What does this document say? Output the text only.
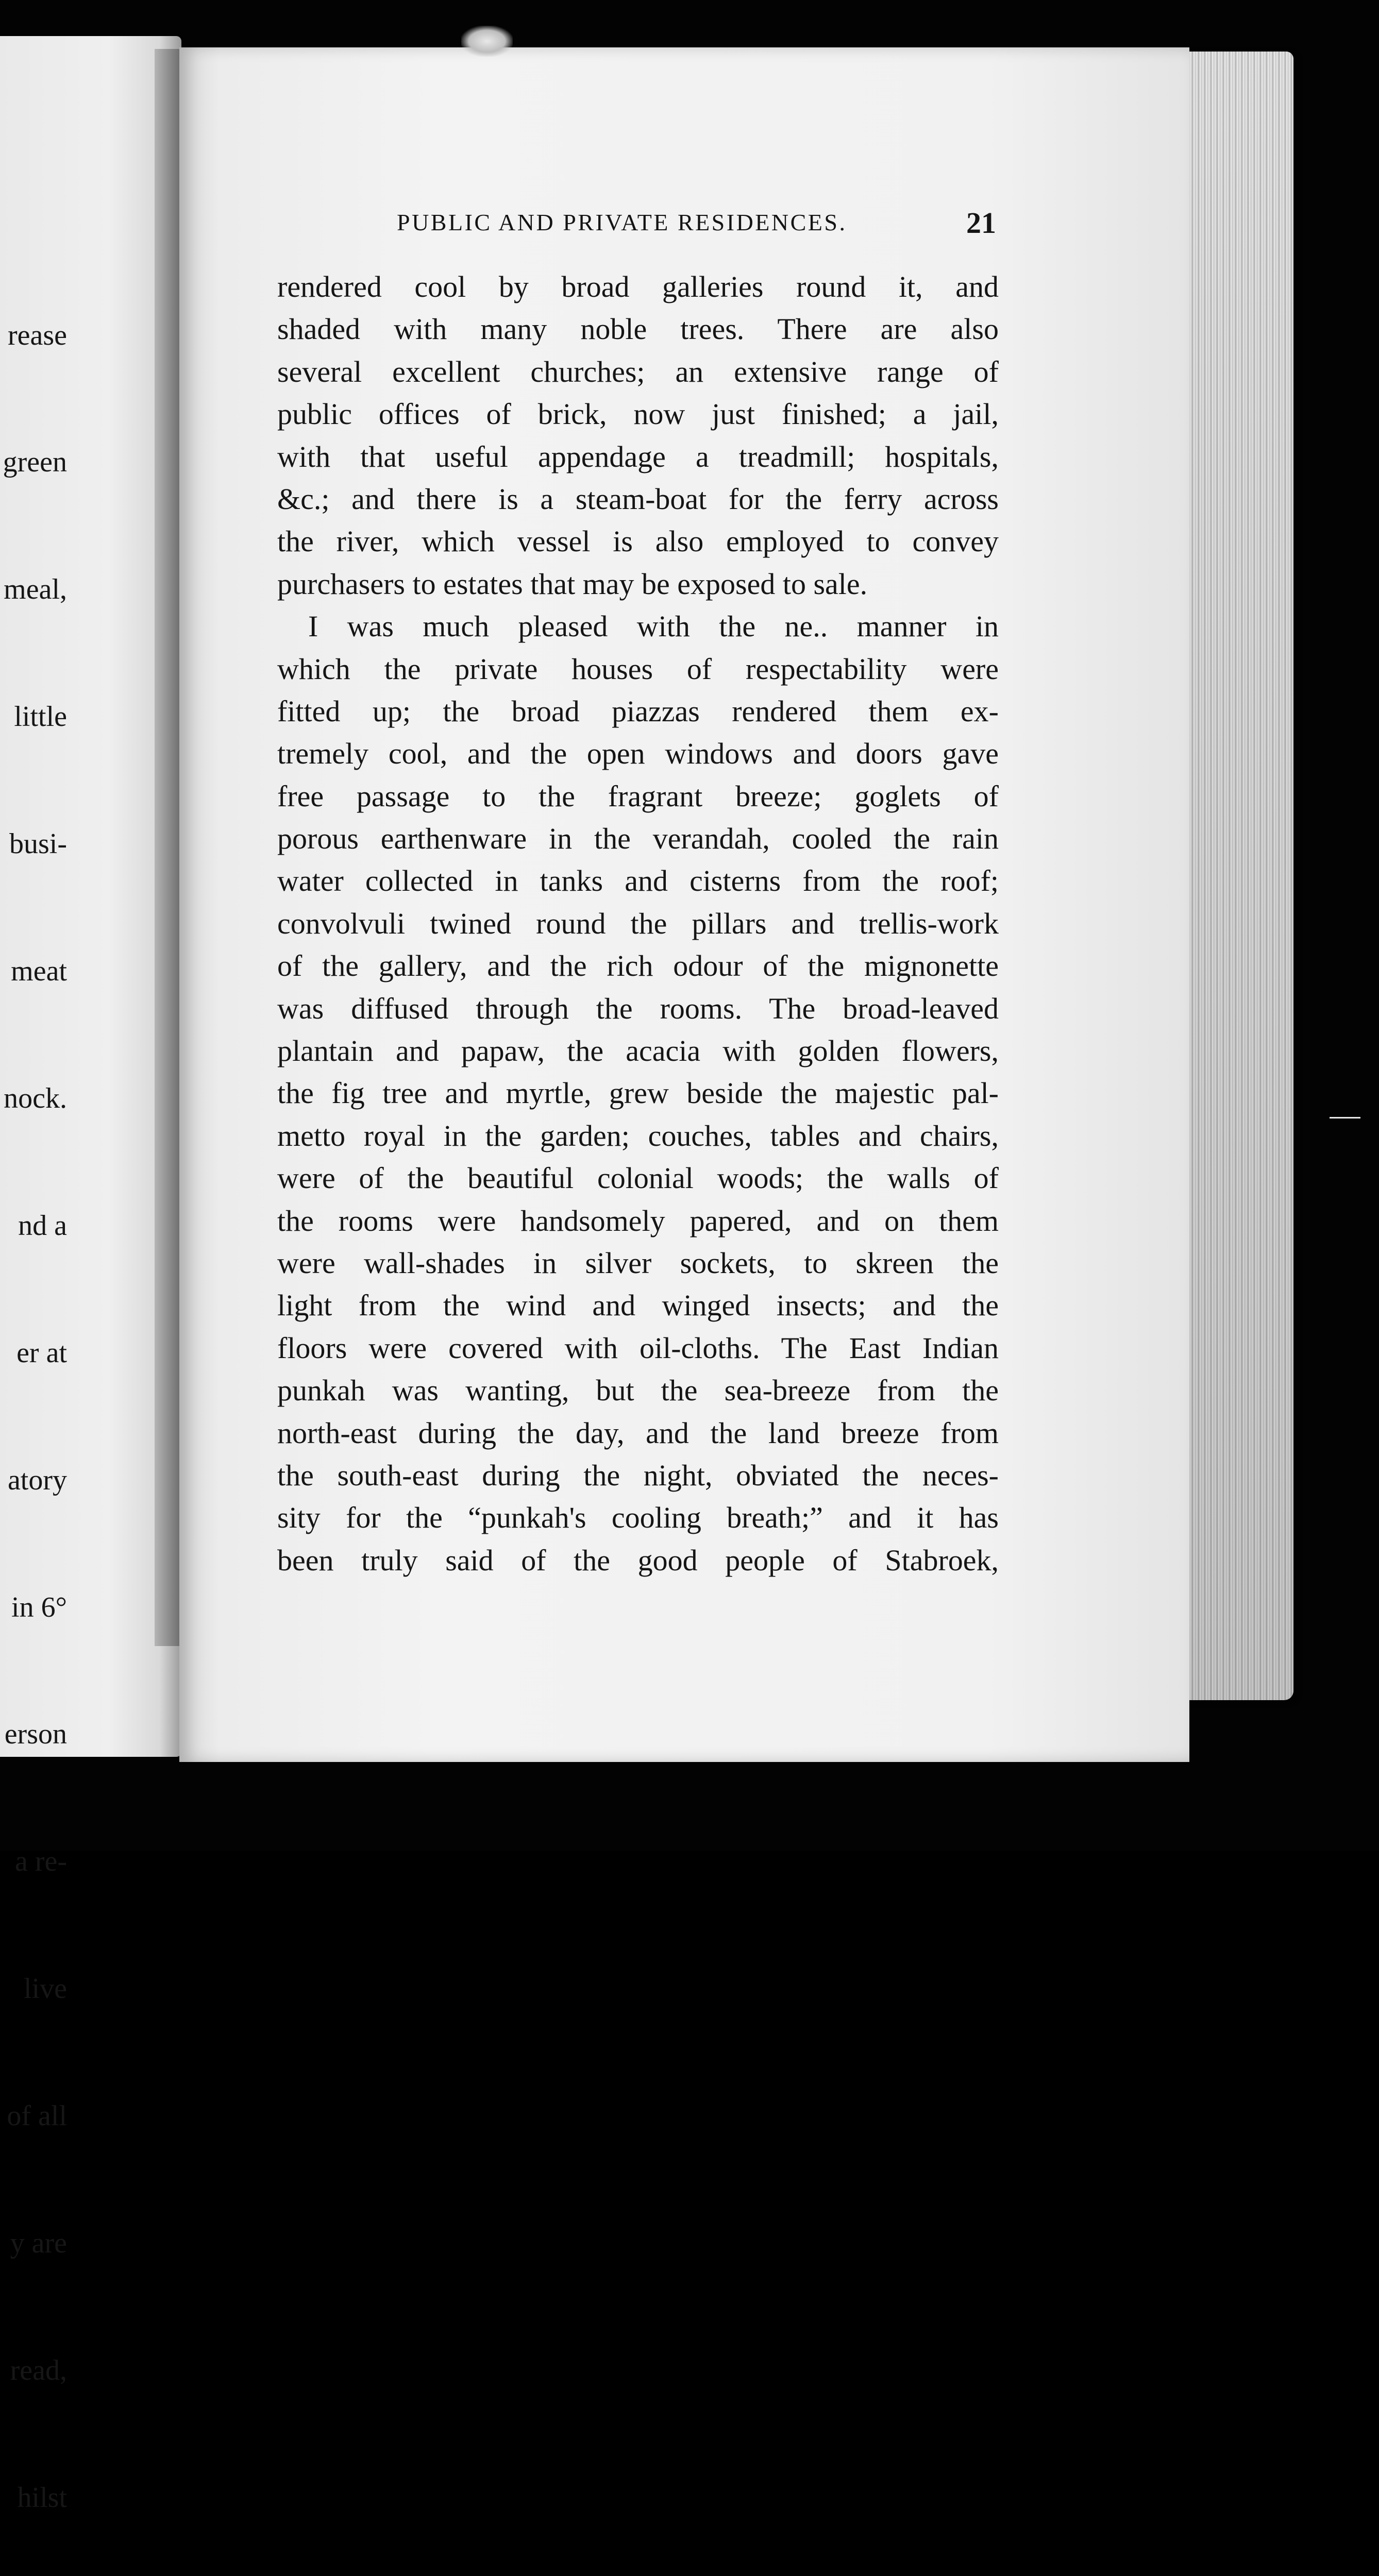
rease

green

meal,

little

busi-

meat

nock.

nd a

er at

atory

in 6°

erson

a re-

live

of all

y are

read,

hilst

PUBLIC AND PRIVATE RESIDENCES.	21
rendered cool by broad galleries round it, and
shaded with many noble trees. There are also
several excellent churches; an extensive range of
public offices of brick, now just finished; a jail,
with that useful appendage a treadmill; hospitals,
&c.; and there is a steam-boat for the ferry across
the river, which vessel is also employed to convey
purchasers to estates that may be exposed to sale.
I was much pleased with the ne.. manner in
which the private houses of respectability were
fitted up; the broad piazzas rendered them ex-
tremely cool, and the open windows and doors gave
free passage to the fragrant breeze; goglets of
porous earthenware in the verandah, cooled the rain
water collected in tanks and cisterns from the roof;
convolvuli twined round the pillars and trellis-work
of the gallery, and the rich odour of the mignonette
was diffused through the rooms. The broad-leaved
plantain and papaw, the acacia with golden flowers,
the fig tree and myrtle, grew beside the majestic pal-
metto royal in the garden; couches, tables and chairs,
were of the beautiful colonial woods; the walls of
the rooms were handsomely papered, and on them
were wall-shades in silver sockets, to skreen the
light from the wind and winged insects; and the
floors were covered with oil-cloths. The East Indian
punkah was wanting, but the sea-breeze from the
north-east during the day, and the land breeze from
the south-east during the night, obviated the neces-
sity for the “punkah's cooling breath;” and it has
been truly said of the good people of Stabroek,
